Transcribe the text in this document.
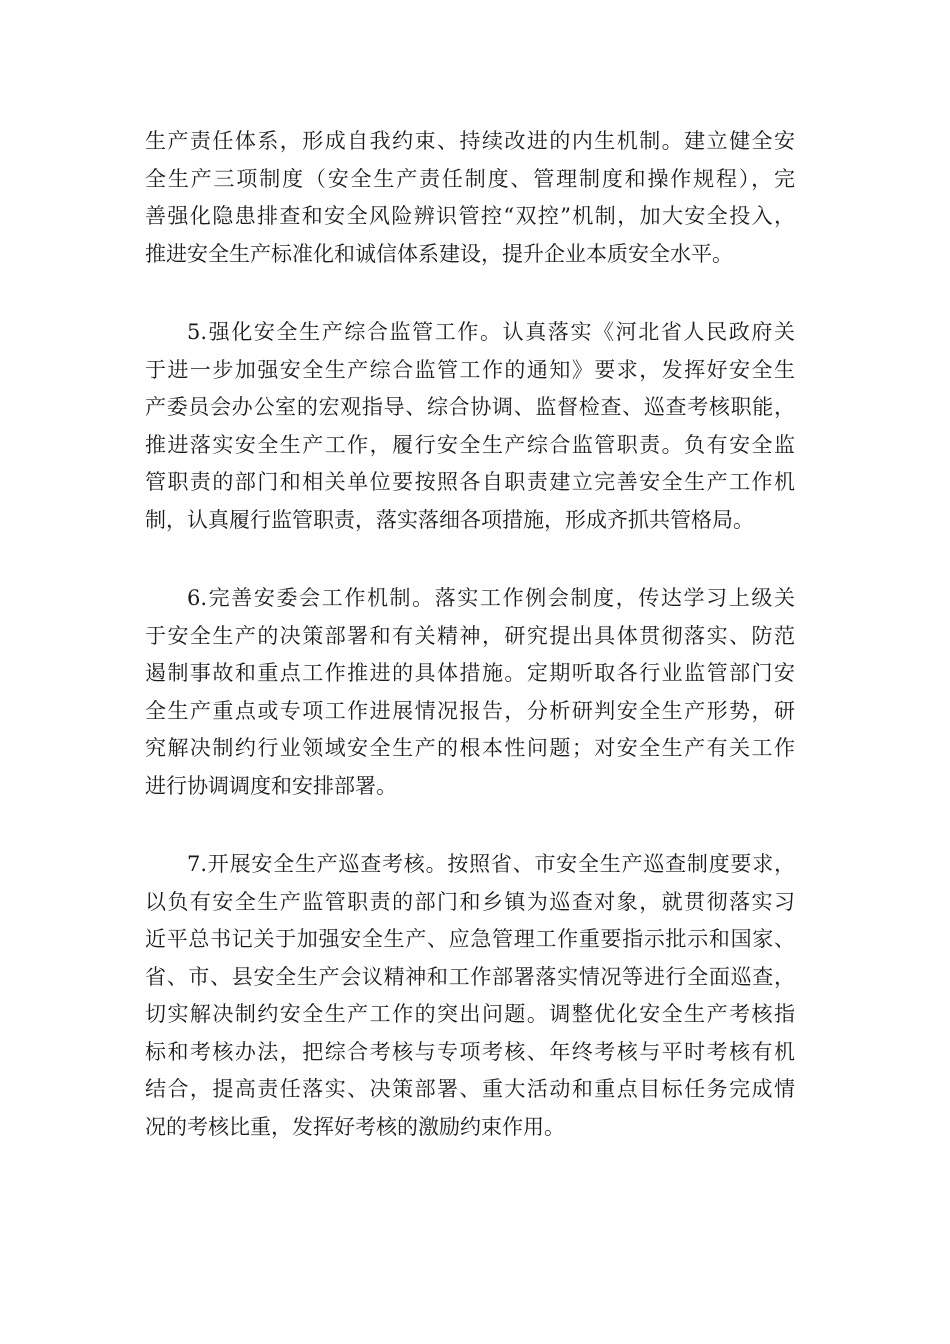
生产责任体系，形成自我约束、持续改进的内生机制。建立健全安
全生产三项制度（安全生产责任制度、管理制度和操作规程），完
善强化隐患排查和安全风险辨识管控“双控”机制，加大安全投入，
推进安全生产标准化和诚信体系建设，提升企业本质安全水平。

5.强化安全生产综合监管工作。认真落实《河北省人民政府关
于进一步加强安全生产综合监管工作的通知》要求，发挥好安全生
产委员会办公室的宏观指导、综合协调、监督检查、巡查考核职能，
推进落实安全生产工作，履行安全生产综合监管职责。负有安全监
管职责的部门和相关单位要按照各自职责建立完善安全生产工作机
制，认真履行监管职责，落实落细各项措施，形成齐抓共管格局。

6.完善安委会工作机制。落实工作例会制度，传达学习上级关
于安全生产的决策部署和有关精神，研究提出具体贯彻落实、防范
遏制事故和重点工作推进的具体措施。定期听取各行业监管部门安
全生产重点或专项工作进展情况报告，分析研判安全生产形势，研
究解决制约行业领域安全生产的根本性问题；对安全生产有关工作
进行协调调度和安排部署。

7.开展安全生产巡查考核。按照省、市安全生产巡查制度要求，
以负有安全生产监管职责的部门和乡镇为巡查对象，就贯彻落实习
近平总书记关于加强安全生产、应急管理工作重要指示批示和国家、
省、市、县安全生产会议精神和工作部署落实情况等进行全面巡查，
切实解决制约安全生产工作的突出问题。调整优化安全生产考核指
标和考核办法，把综合考核与专项考核、年终考核与平时考核有机
结合，提高责任落实、决策部署、重大活动和重点目标任务完成情
况的考核比重，发挥好考核的激励约束作用。
